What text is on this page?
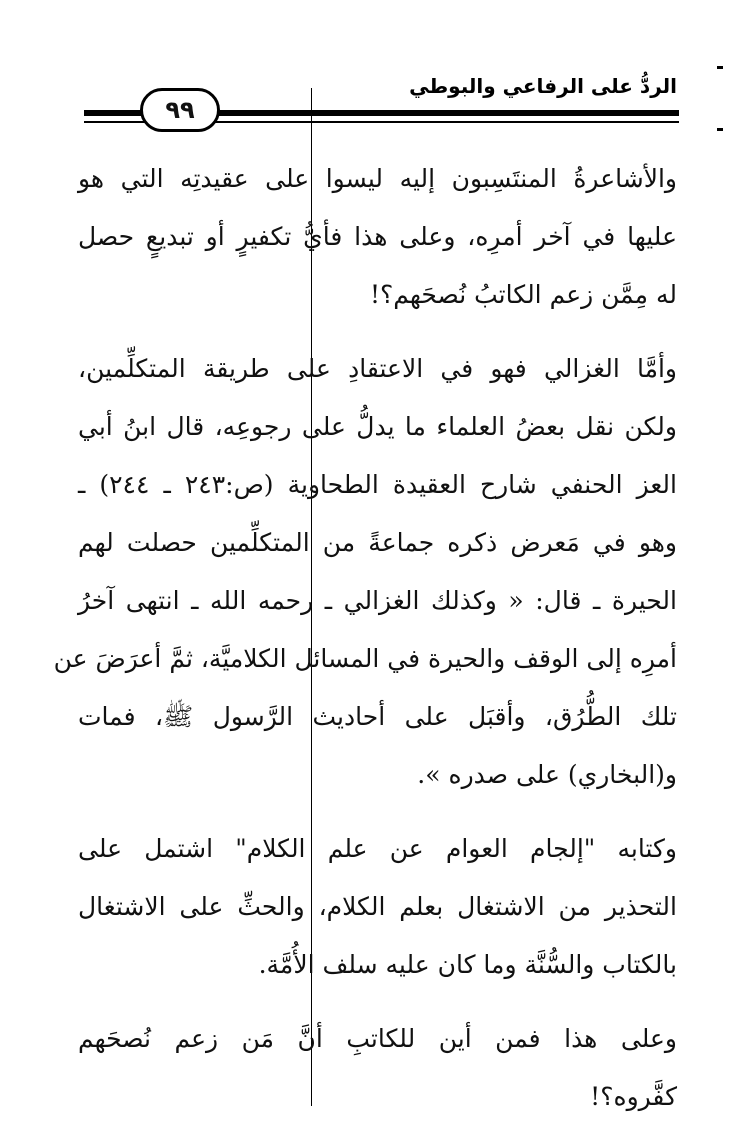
الردُّ على الرفاعي والبوطي
٩٩

والأشاعرةُ المنتَسِبون إليه ليسوا على عقيدتِه التي هو
عليها في آخر أمرِه، وعلى هذا فأيُّ تكفيرٍ أو تبديعٍ حصل
له مِمَّن زعم الكاتبُ نُصحَهم؟!

وأمَّا الغزالي فهو في الاعتقادِ على طريقة المتكلِّمين،
ولكن نقل بعضُ العلماء ما يدلُّ على رجوعِه، قال ابنُ أبي
العز الحنفي شارح العقيدة الطحاوية (ص:٢٤٣ ـ ٢٤٤) ـ
وهو في مَعرض ذكره جماعةً من المتكلِّمين حصلت لهم
الحيرة ـ قال: « وكذلك الغزالي ـ رحمه الله ـ انتهى آخرُ
أمرِه إلى الوقف والحيرة في المسائل الكلاميَّة، ثمَّ أعرَضَ عن
تلك الطُّرُق، وأقبَل على أحاديث الرَّسول ﷺ، فمات
و(البخاري) على صدره ».

وكتابه "إلجام العوام عن علم الكلام" اشتمل على
التحذير من الاشتغال بعلم الكلام، والحثِّ على الاشتغال
بالكتاب والسُّنَّة وما كان عليه سلف الأُمَّة.

وعلى هذا فمن أين للكاتبِ أنَّ مَن زعم نُصحَهم
كفَّروه؟!
